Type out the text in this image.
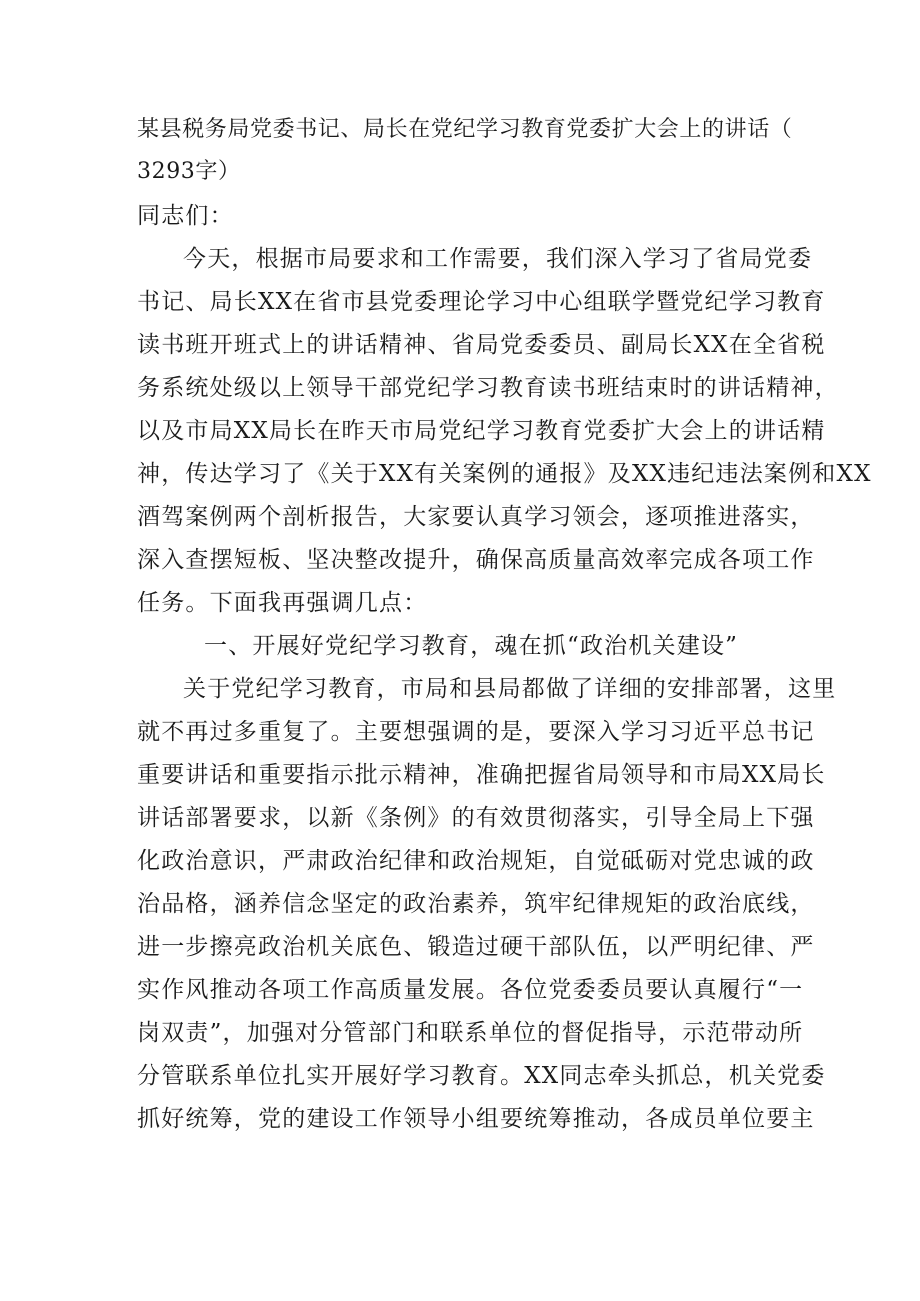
某县税务局党委书记、局长在党纪学习教育党委扩大会上的讲话（
3293字）
同志们：
今天，根据市局要求和工作需要，我们深入学习了省局党委
书记、局长XX在省市县党委理论学习中心组联学暨党纪学习教育
读书班开班式上的讲话精神、省局党委委员、副局长XX在全省税
务系统处级以上领导干部党纪学习教育读书班结束时的讲话精神，
以及市局XX局长在昨天市局党纪学习教育党委扩大会上的讲话精
神，传达学习了《关于XX有关案例的通报》及XX违纪违法案例和XX
酒驾案例两个剖析报告，大家要认真学习领会，逐项推进落实，
深入查摆短板、坚决整改提升，确保高质量高效率完成各项工作
任务。下面我再强调几点：
一、开展好党纪学习教育，魂在抓“政治机关建设”
关于党纪学习教育，市局和县局都做了详细的安排部署，这里
就不再过多重复了。主要想强调的是，要深入学习习近平总书记
重要讲话和重要指示批示精神，准确把握省局领导和市局XX局长
讲话部署要求，以新《条例》的有效贯彻落实，引导全局上下强
化政治意识，严肃政治纪律和政治规矩，自觉砥砺对党忠诚的政
治品格，涵养信念坚定的政治素养，筑牢纪律规矩的政治底线，
进一步擦亮政治机关底色、锻造过硬干部队伍，以严明纪律、严
实作风推动各项工作高质量发展。各位党委委员要认真履行“一
岗双责”，加强对分管部门和联系单位的督促指导，示范带动所
分管联系单位扎实开展好学习教育。XX同志牵头抓总，机关党委
抓好统筹，党的建设工作领导小组要统筹推动，各成员单位要主
